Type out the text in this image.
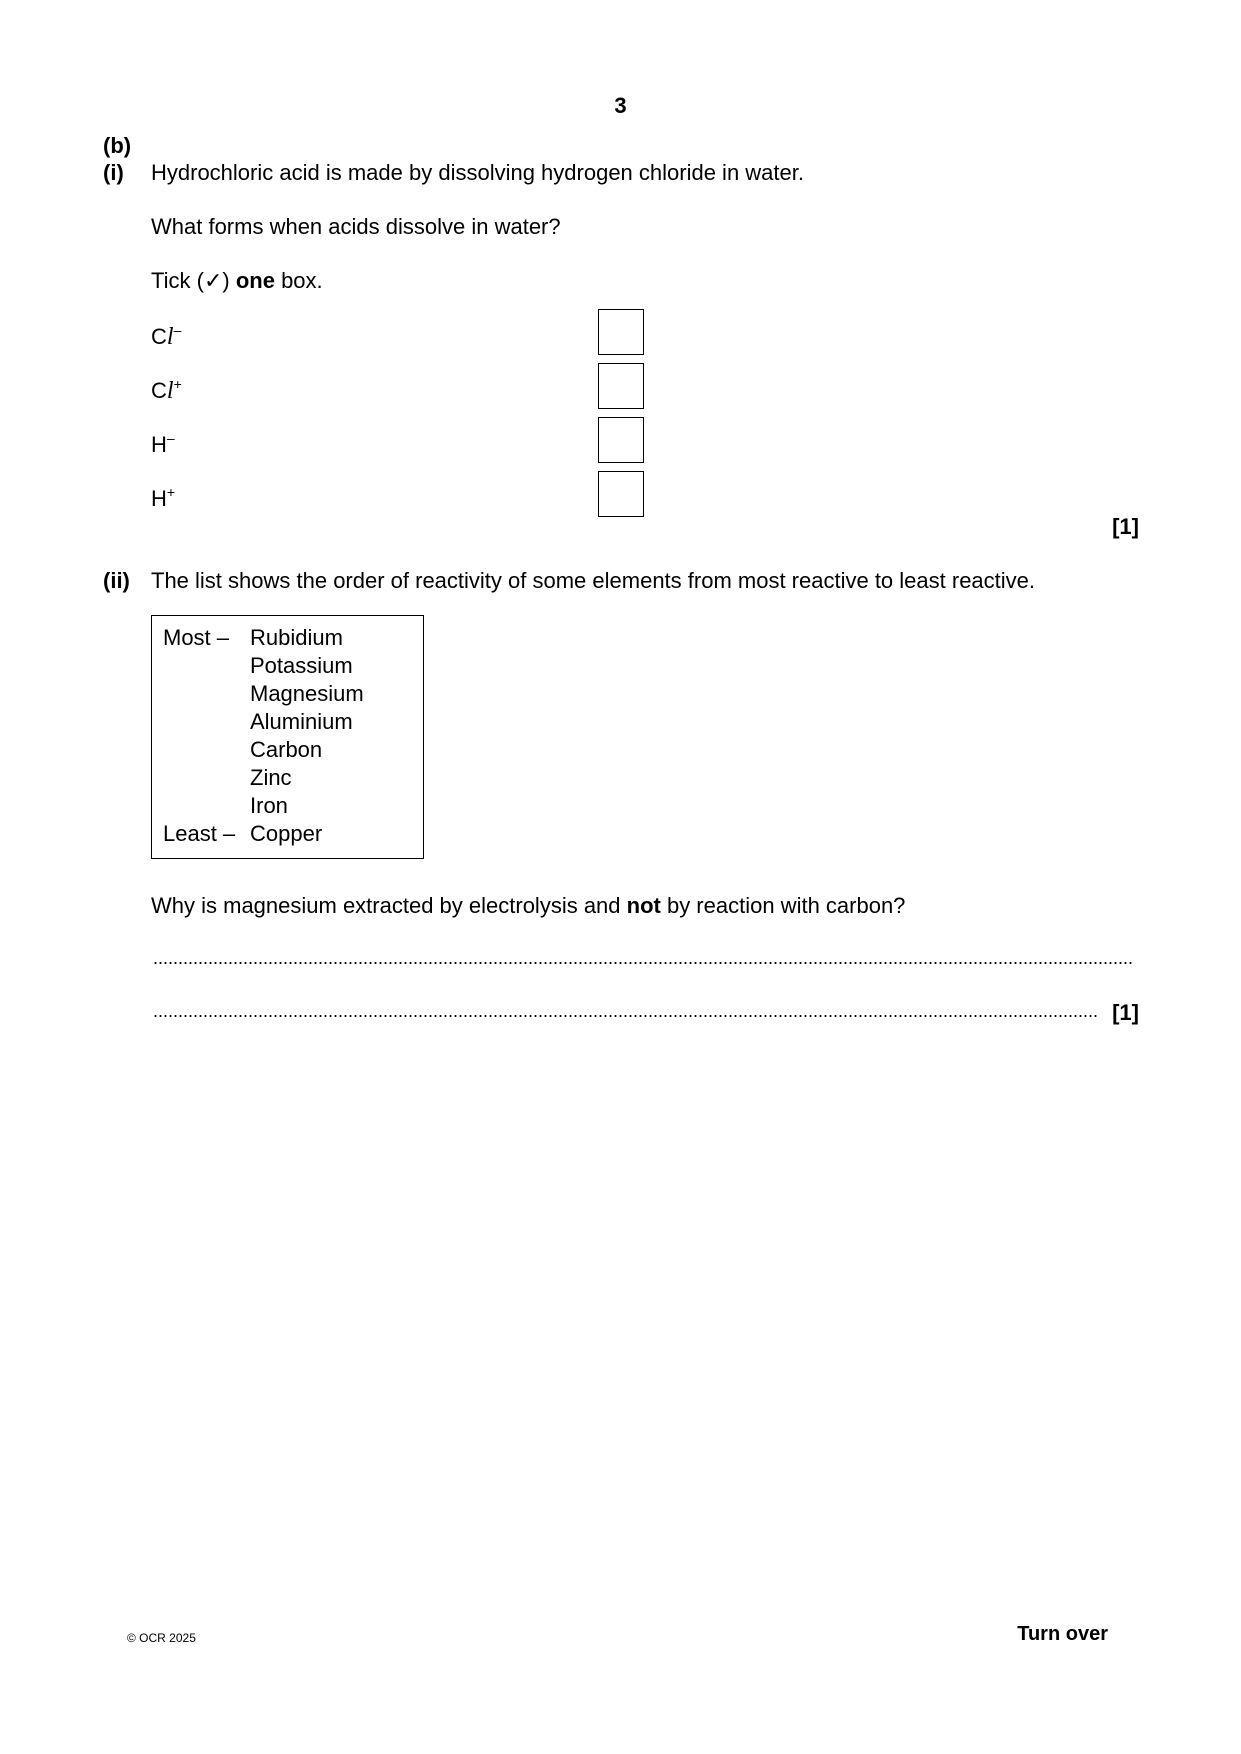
3
(b)
(i) Hydrochloric acid is made by dissolving hydrogen chloride in water.
What forms when acids dissolve in water?
Tick (✓) one box.
Cl–
Cl+
H–
H+
[1]
(ii) The list shows the order of reactivity of some elements from most reactive to least reactive.
Most – Rubidium
Potassium
Magnesium
Aluminium
Carbon
Zinc
Iron
Least – Copper
Why is magnesium extracted by electrolysis and not by reaction with carbon?
[1]
© OCR 2025	Turn over
